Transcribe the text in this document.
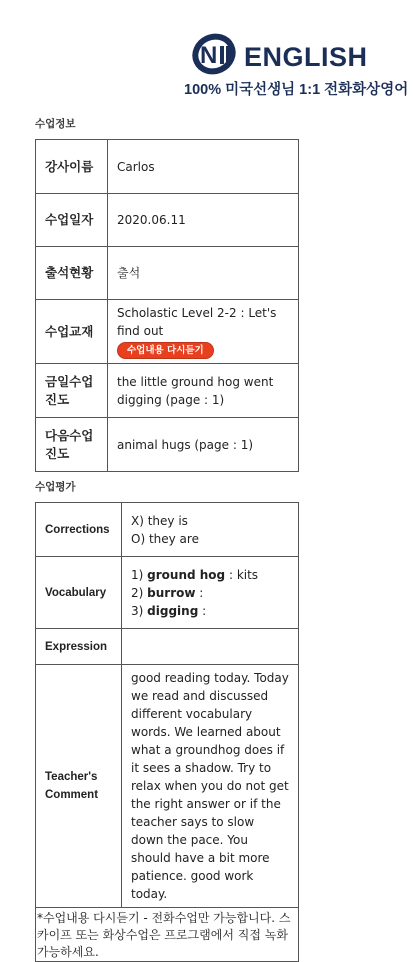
N ENGLISH
100% 미국선생님 1:1 전화화상영어
수업정보
강사이름	Carlos
수업일자	2020.06.11
출석현황	출석
수업교재	Scholastic Level 2-2 : Let's find out
수업내용 다시듣기
금일수업진도	the little ground hog went digging (page : 1)
다음수업진도	animal hugs (page : 1)
수업평가
Corrections	X) they is
O) they are

Vocabulary	1) ground hog : kits
2) burrow :
3) digging :

Expression	
Teacher's Comment	good reading today. Today we read and discussed different vocabulary words. We learned about what a groundhog does if it sees a shadow. Try to relax when you do not get the right answer or if the teacher says to slow down the pace. You should have a bit more patience. good work today.
*수업내용 다시듣기 - 전화수업만 가능합니다. 스카이프 또는 화상수업은 프로그램에서 직접 녹화 가능하세요.	
